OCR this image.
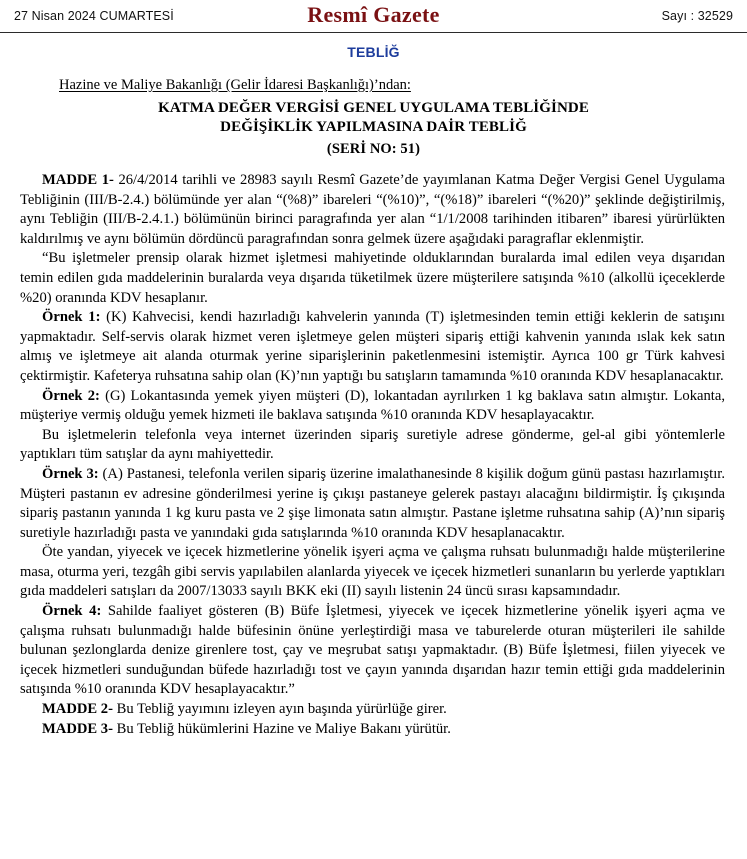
27 Nisan 2024 CUMARTESİ	Resmî Gazete	Sayı : 32529
TEBLİĞ
Hazine ve Maliye Bakanlığı (Gelir İdaresi Başkanlığı)’ndan:
KATMA DEĞER VERGİSİ GENEL UYGULAMA TEBLİĞİNDE
DEĞİŞİKLİK YAPILMASINA DAİR TEBLİĞ
(SERİ NO: 51)

MADDE 1- 26/4/2014 tarihli ve 28983 sayılı Resmî Gazete’de yayımlanan Katma Değer Vergisi Genel Uygulama Tebliğinin (III/B-2.4.) bölümünde yer alan “(%8)” ibareleri “(%10)”, “(%18)” ibareleri “(%20)” şeklinde değiştirilmiş, aynı Tebliğin (III/B-2.4.1.) bölümünün birinci paragrafında yer alan “1/1/2008 tarihinden itibaren” ibaresi yürürlükten kaldırılmış ve aynı bölümün dördüncü paragrafından sonra gelmek üzere aşağıdaki paragraflar eklenmiştir.

“Bu işletmeler prensip olarak hizmet işletmesi mahiyetinde olduklarından buralarda imal edilen veya dışarıdan temin edilen gıda maddelerinin buralarda veya dışarıda tüketilmek üzere müşterilere satışında %10 (alkollü içeceklerde %20) oranında KDV hesaplanır.

Örnek 1: (K) Kahvecisi, kendi hazırladığı kahvelerin yanında (T) işletmesinden temin ettiği keklerin de satışını yapmaktadır. Self-servis olarak hizmet veren işletmeye gelen müşteri sipariş ettiği kahvenin yanında ıslak kek satın almış ve işletmeye ait alanda oturmak yerine siparişlerinin paketlenmesini istemiştir. Ayrıca 100 gr Türk kahvesi çektirmiştir. Kafeterya ruhsatına sahip olan (K)’nın yaptığı bu satışların tamamında %10 oranında KDV hesaplanacaktır.

Örnek 2: (G) Lokantasında yemek yiyen müşteri (D), lokantadan ayrılırken 1 kg baklava satın almıştır. Lokanta, müşteriye vermiş olduğu yemek hizmeti ile baklava satışında %10 oranında KDV hesaplayacaktır.

Bu işletmelerin telefonla veya internet üzerinden sipariş suretiyle adrese gönderme, gel-al gibi yöntemlerle yaptıkları tüm satışlar da aynı mahiyettedir.

Örnek 3: (A) Pastanesi, telefonla verilen sipariş üzerine imalathanesinde 8 kişilik doğum günü pastası hazırlamıştır. Müşteri pastanın ev adresine gönderilmesi yerine iş çıkışı pastaneye gelerek pastayı alacağını bildirmiştir. İş çıkışında sipariş pastanın yanında 1 kg kuru pasta ve 2 şişe limonata satın almıştır. Pastane işletme ruhsatına sahip (A)’nın sipariş suretiyle hazırladığı pasta ve yanındaki gıda satışlarında %10 oranında KDV hesaplanacaktır.

Öte yandan, yiyecek ve içecek hizmetlerine yönelik işyeri açma ve çalışma ruhsatı bulunmadığı halde müşterilerine masa, oturma yeri, tezgâh gibi servis yapılabilen alanlarda yiyecek ve içecek hizmetleri sunanların bu yerlerde yaptıkları gıda maddeleri satışları da 2007/13033 sayılı BKK eki (II) sayılı listenin 24 üncü sırası kapsamındadır.

Örnek 4: Sahilde faaliyet gösteren (B) Büfe İşletmesi, yiyecek ve içecek hizmetlerine yönelik işyeri açma ve çalışma ruhsatı bulunmadığı halde büfesinin önüne yerleştirdiği masa ve taburelerde oturan müşterileri ile sahilde bulunan şezlonglarda denize girenlere tost, çay ve meşrubat satışı yapmaktadır. (B) Büfe İşletmesi, fiilen yiyecek ve içecek hizmetleri sunduğundan büfede hazırladığı tost ve çayın yanında dışarıdan hazır temin ettiği gıda maddelerinin satışında %10 oranında KDV hesaplayacaktır.”

MADDE 2- Bu Tebliğ yayımını izleyen ayın başında yürürlüğe girer.

MADDE 3- Bu Tebliğ hükümlerini Hazine ve Maliye Bakanı yürütür.
